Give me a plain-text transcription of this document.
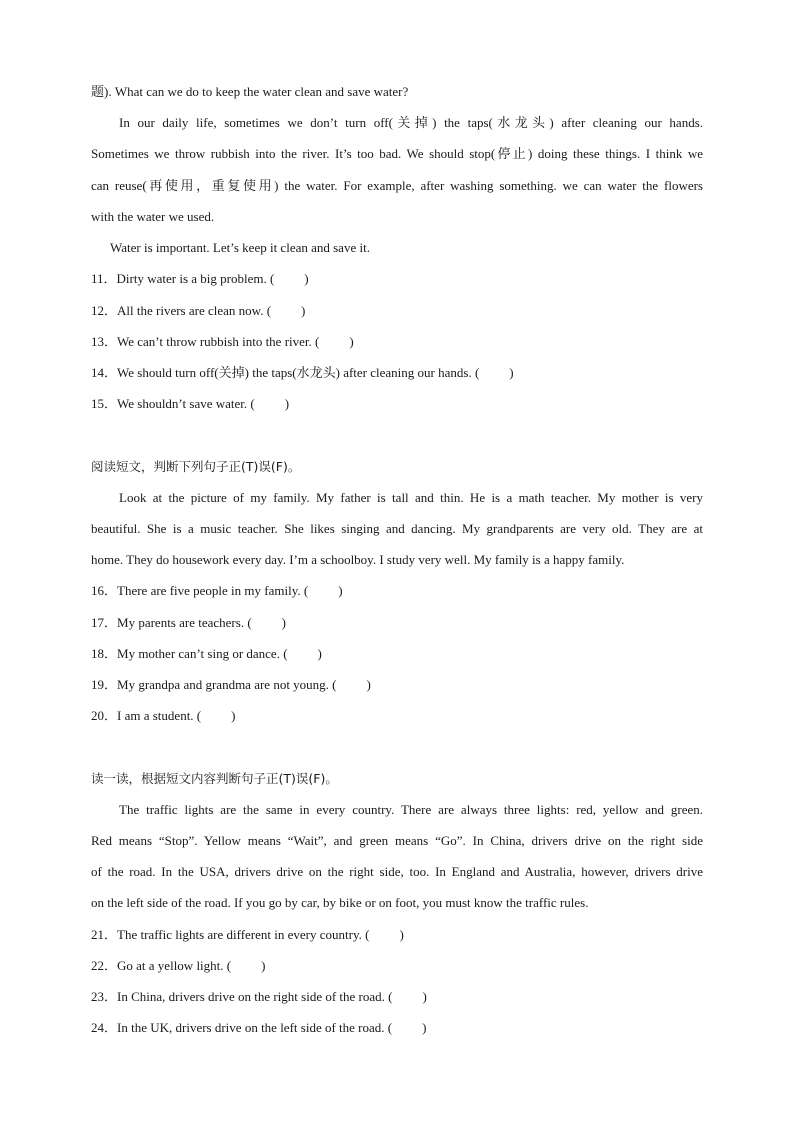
题). What can we do to keep the water clean and save water?
In our daily life, sometimes we don’t turn off(关掉) the taps(水龙头) after cleaning our hands.
Sometimes we throw rubbish into the river. It’s too bad. We should stop(停止) doing these things. I think we
can reuse(再使用，重复使用) the water. For example, after washing something. we can water the flowers
with the water we used.
Water is important. Let’s keep it clean and save it.
11．Dirty water is a big problem. ( )
12．All the rivers are clean now. ( )
13．We can’t throw rubbish into the river. ( )
14．We should turn off(关掉) the taps(水龙头) after cleaning our hands. ( )
15．We shouldn’t save water. ( )
阅读短文，判断下列句子正(T)误(F)。
Look at the picture of my family. My father is tall and thin. He is a math teacher. My mother is very
beautiful. She is a music teacher. She likes singing and dancing. My grandparents are very old. They are at
home. They do housework every day. I’m a schoolboy. I study very well. My family is a happy family.
16．There are five people in my family. ( )
17．My parents are teachers. ( )
18．My mother can’t sing or dance. ( )
19．My grandpa and grandma are not young. ( )
20．I am a student. ( )
读一读，根据短文内容判断句子正(T)误(F)。
The traffic lights are the same in every country. There are always three lights: red, yellow and green.
Red means “Stop”. Yellow means “Wait”, and green means “Go”. In China, drivers drive on the right side
of the road. In the USA, drivers drive on the right side, too. In England and Australia, however, drivers drive
on the left side of the road. If you go by car, by bike or on foot, you must know the traffic rules.
21．The traffic lights are different in every country. ( )
22．Go at a yellow light. ( )
23．In China, drivers drive on the right side of the road. ( )
24．In the UK, drivers drive on the left side of the road. ( )
